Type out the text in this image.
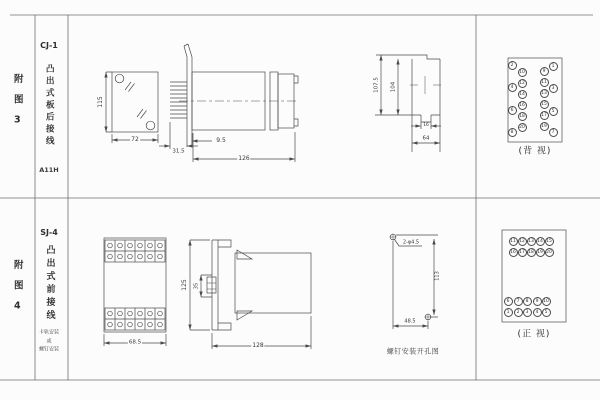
附图3
CJ-1
凸出式板后接线
A11H
附图4
SJ-4
凸出式前接线
卡轨安装
或
螺钉安装
115
72
31.5
9.5
126
107.5 104
16
64
68.5
125 35
128
2-φ4.5
113
48.5
螺钉安装开孔图
(背 视)
(正 视)
2
4
6
8
10
12
14
16
18
20
9
11
13
15
17
19
1
3
5
7
11 12 13 14 15
16 17 18 19 20
6	7	8	9	10
1	2	3	4	5
